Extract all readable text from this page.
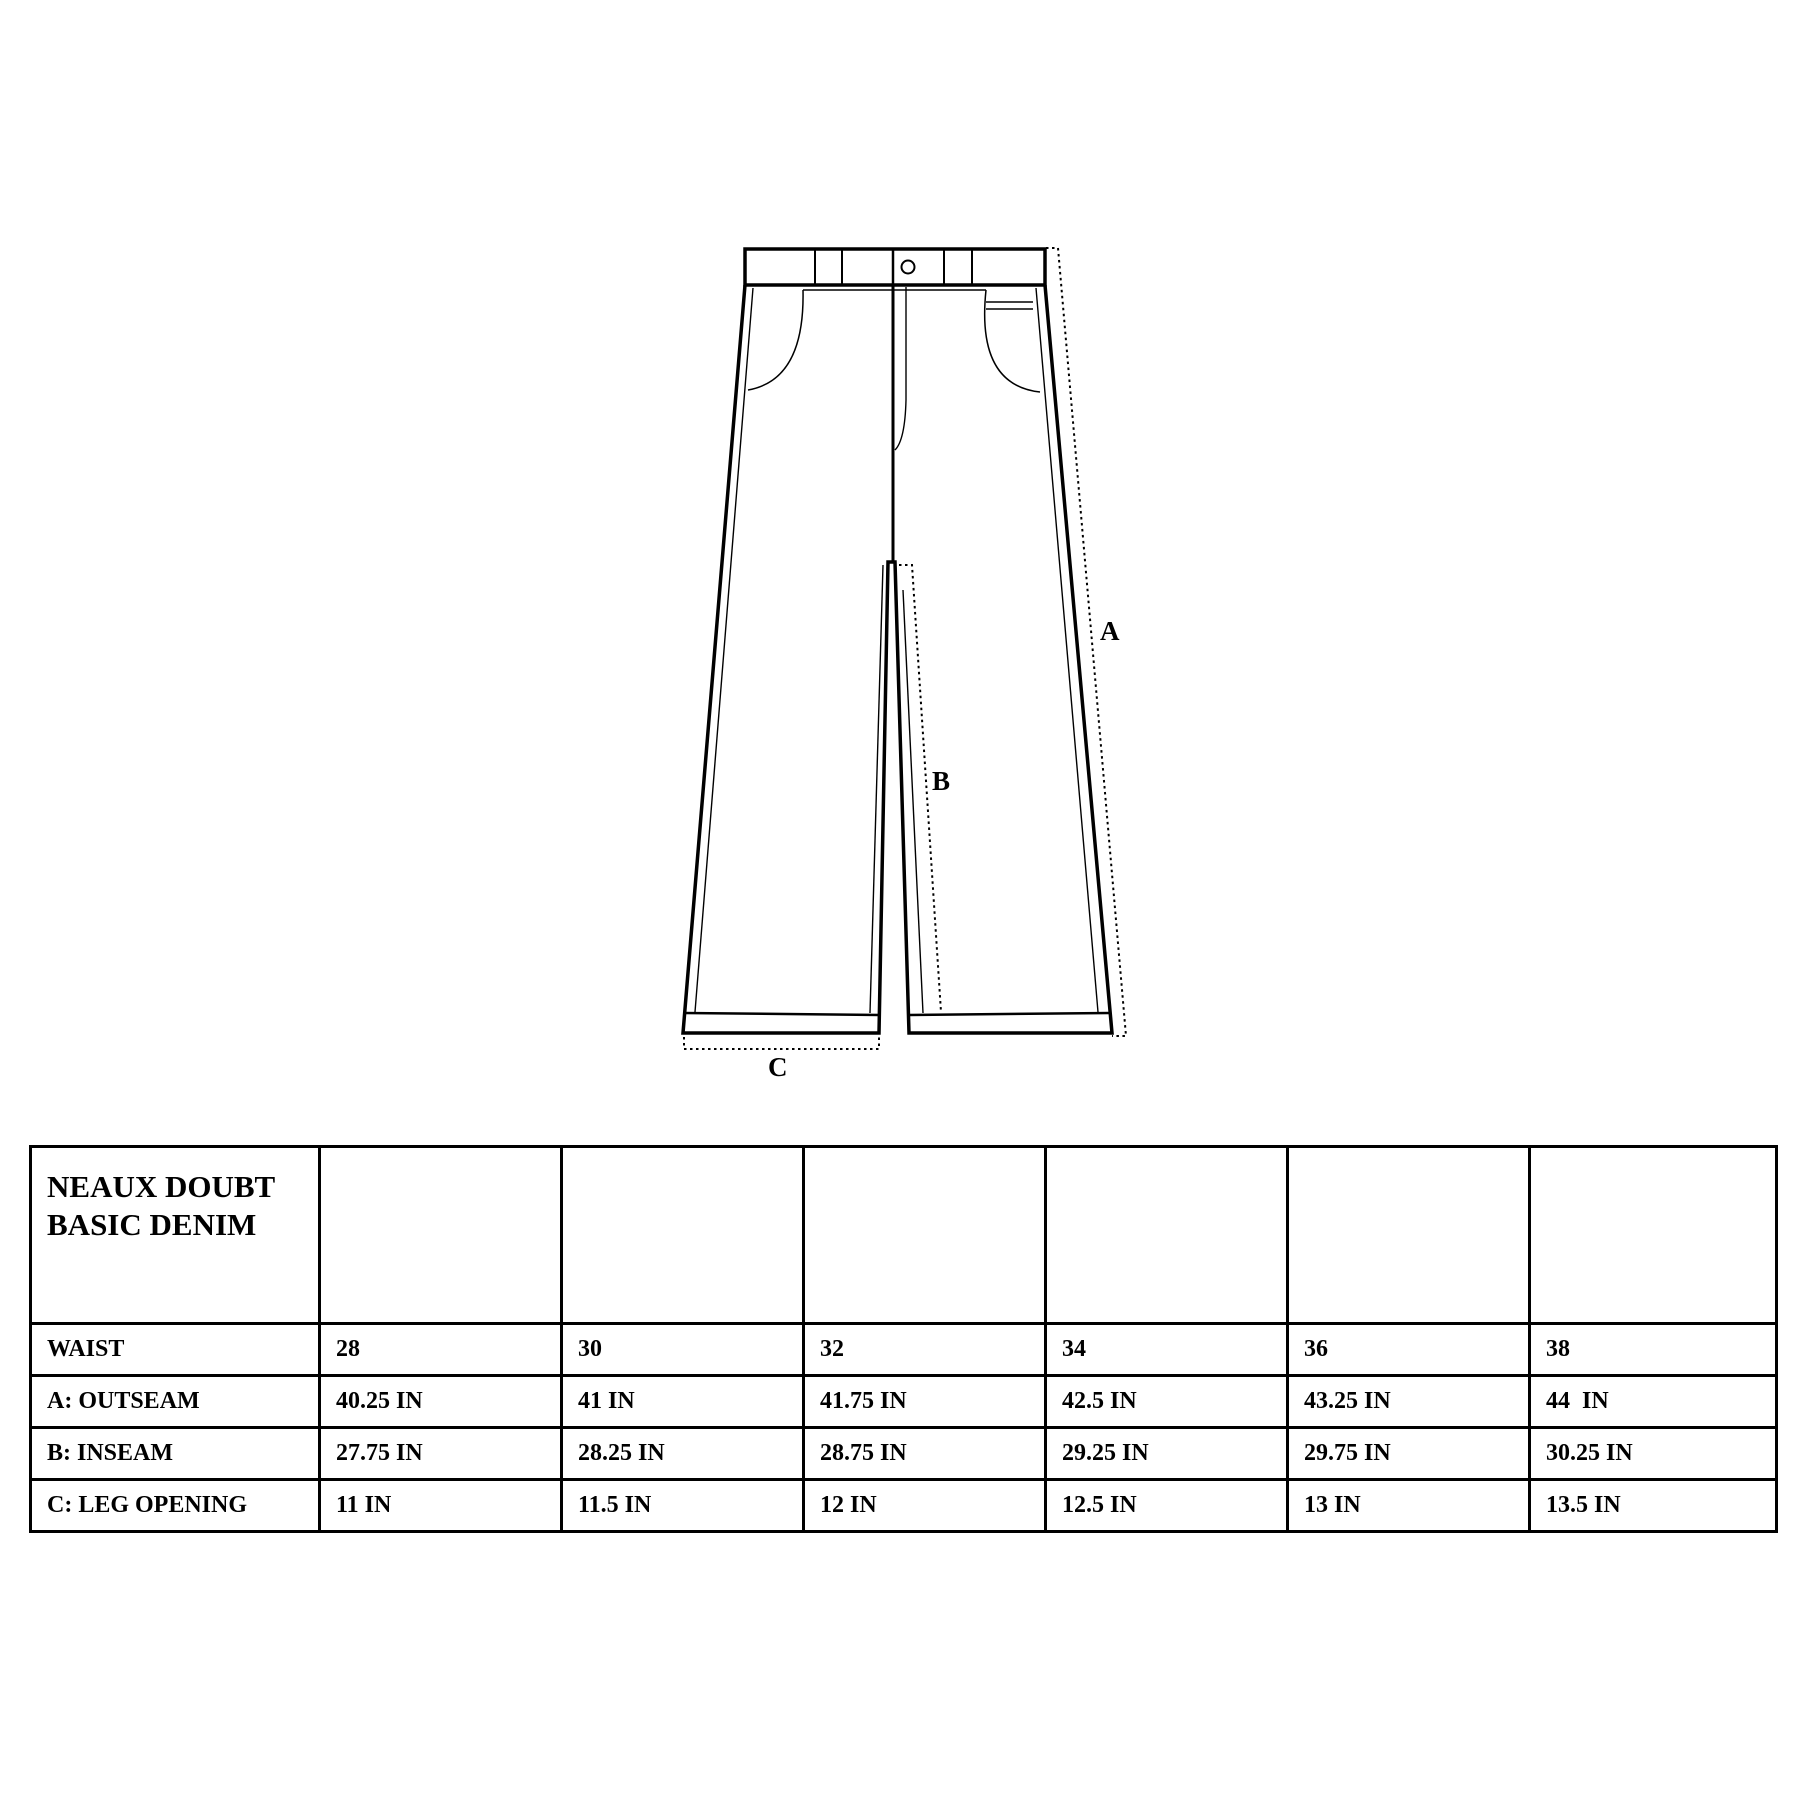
A
B
C
NEAUX DOUBT
BASIC DENIM						

WAIST	28	30	32	34	36	38
A: OUTSEAM	40.25 IN	41 IN	41.75 IN	42.5 IN	43.25 IN	44  IN
B: INSEAM	27.75 IN	28.25 IN	28.75 IN	29.25 IN	29.75 IN	30.25 IN
C: LEG OPENING	11 IN	11.5 IN	12 IN	12.5 IN	13 IN	13.5 IN
